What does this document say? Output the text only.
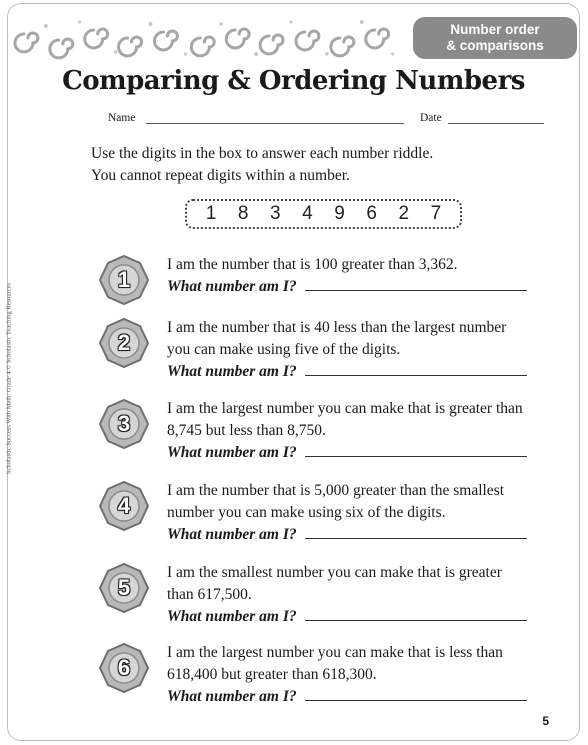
Number order
& comparisons
Comparing & Ordering Numbers
Name	Date
Scholastic Success With Math: Grade 4 © Scholastic Teaching Resources
Use the digits in the box to answer each number riddle.
You cannot repeat digits within a number.
1 8 3 4 9 6 2 7
5
1
I am the number that is 100 greater than 3,362.
What number am I?
2
I am the number that is 40 less than the largest number
you can make using five of the digits.
What number am I?
3
I am the largest number you can make that is greater than
8,745 but less than 8,750.
What number am I?
4
I am the number that is 5,000 greater than the smallest
number you can make using six of the digits.
What number am I?
5
I am the smallest number you can make that is greater
than 617,500.
What number am I?
6
I am the largest number you can make that is less than
618,400 but greater than 618,300.
What number am I?
